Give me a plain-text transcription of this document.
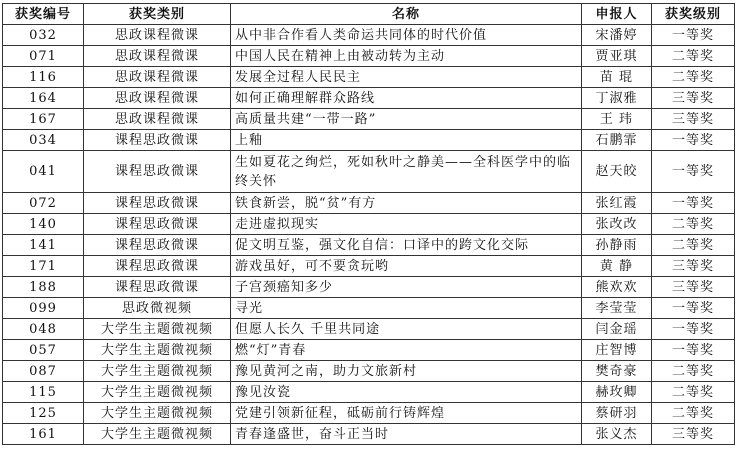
获奖编号	获奖类别	名称	申报人	获奖级别
032	思政课程微课	从中非合作看人类命运共同体的时代价值	宋潘婷	一等奖
071	思政课程微课	中国人民在精神上由被动转为主动	贾亚琪	二等奖
116	思政课程微课	发展全过程人民民主	苗 琨	二等奖
164	思政课程微课	如何正确理解群众路线	丁淑雅	三等奖
167	思政课程微课	高质量共建“一带一路”	王 玮	三等奖
034	课程思政微课	上釉	石鹏霏	一等奖
041	课程思政微课	生如夏花之绚烂，死如秋叶之静美——全科医学中的临终关怀	赵天皎	一等奖
072	课程思政微课	铁食新尝，脱“贫”有方	张红霞	一等奖
140	课程思政微课	走进虚拟现实	张改改	二等奖
141	课程思政微课	促文明互鉴，强文化自信：口译中的跨文化交际	孙静雨	二等奖
171	课程思政微课	游戏虽好，可不要贪玩哟	黄 静	三等奖
188	课程思政微课	子宫颈癌知多少	熊欢欢	三等奖
099	思政微视频	寻光	李莹莹	一等奖
048	大学生主题微视频	但愿人长久 千里共同途	闫金瑶	一等奖
057	大学生主题微视频	燃“灯”青春	庄智博	一等奖
087	大学生主题微视频	豫见黄河之南，助力文旅新村	樊奇豪	二等奖
115	大学生主题微视频	豫见汝瓷	赫玫卿	二等奖
125	大学生主题微视频	党建引领新征程，砥砺前行铸辉煌	蔡研羽	二等奖
161	大学生主题微视频	青春逢盛世，奋斗正当时	张义杰	三等奖
